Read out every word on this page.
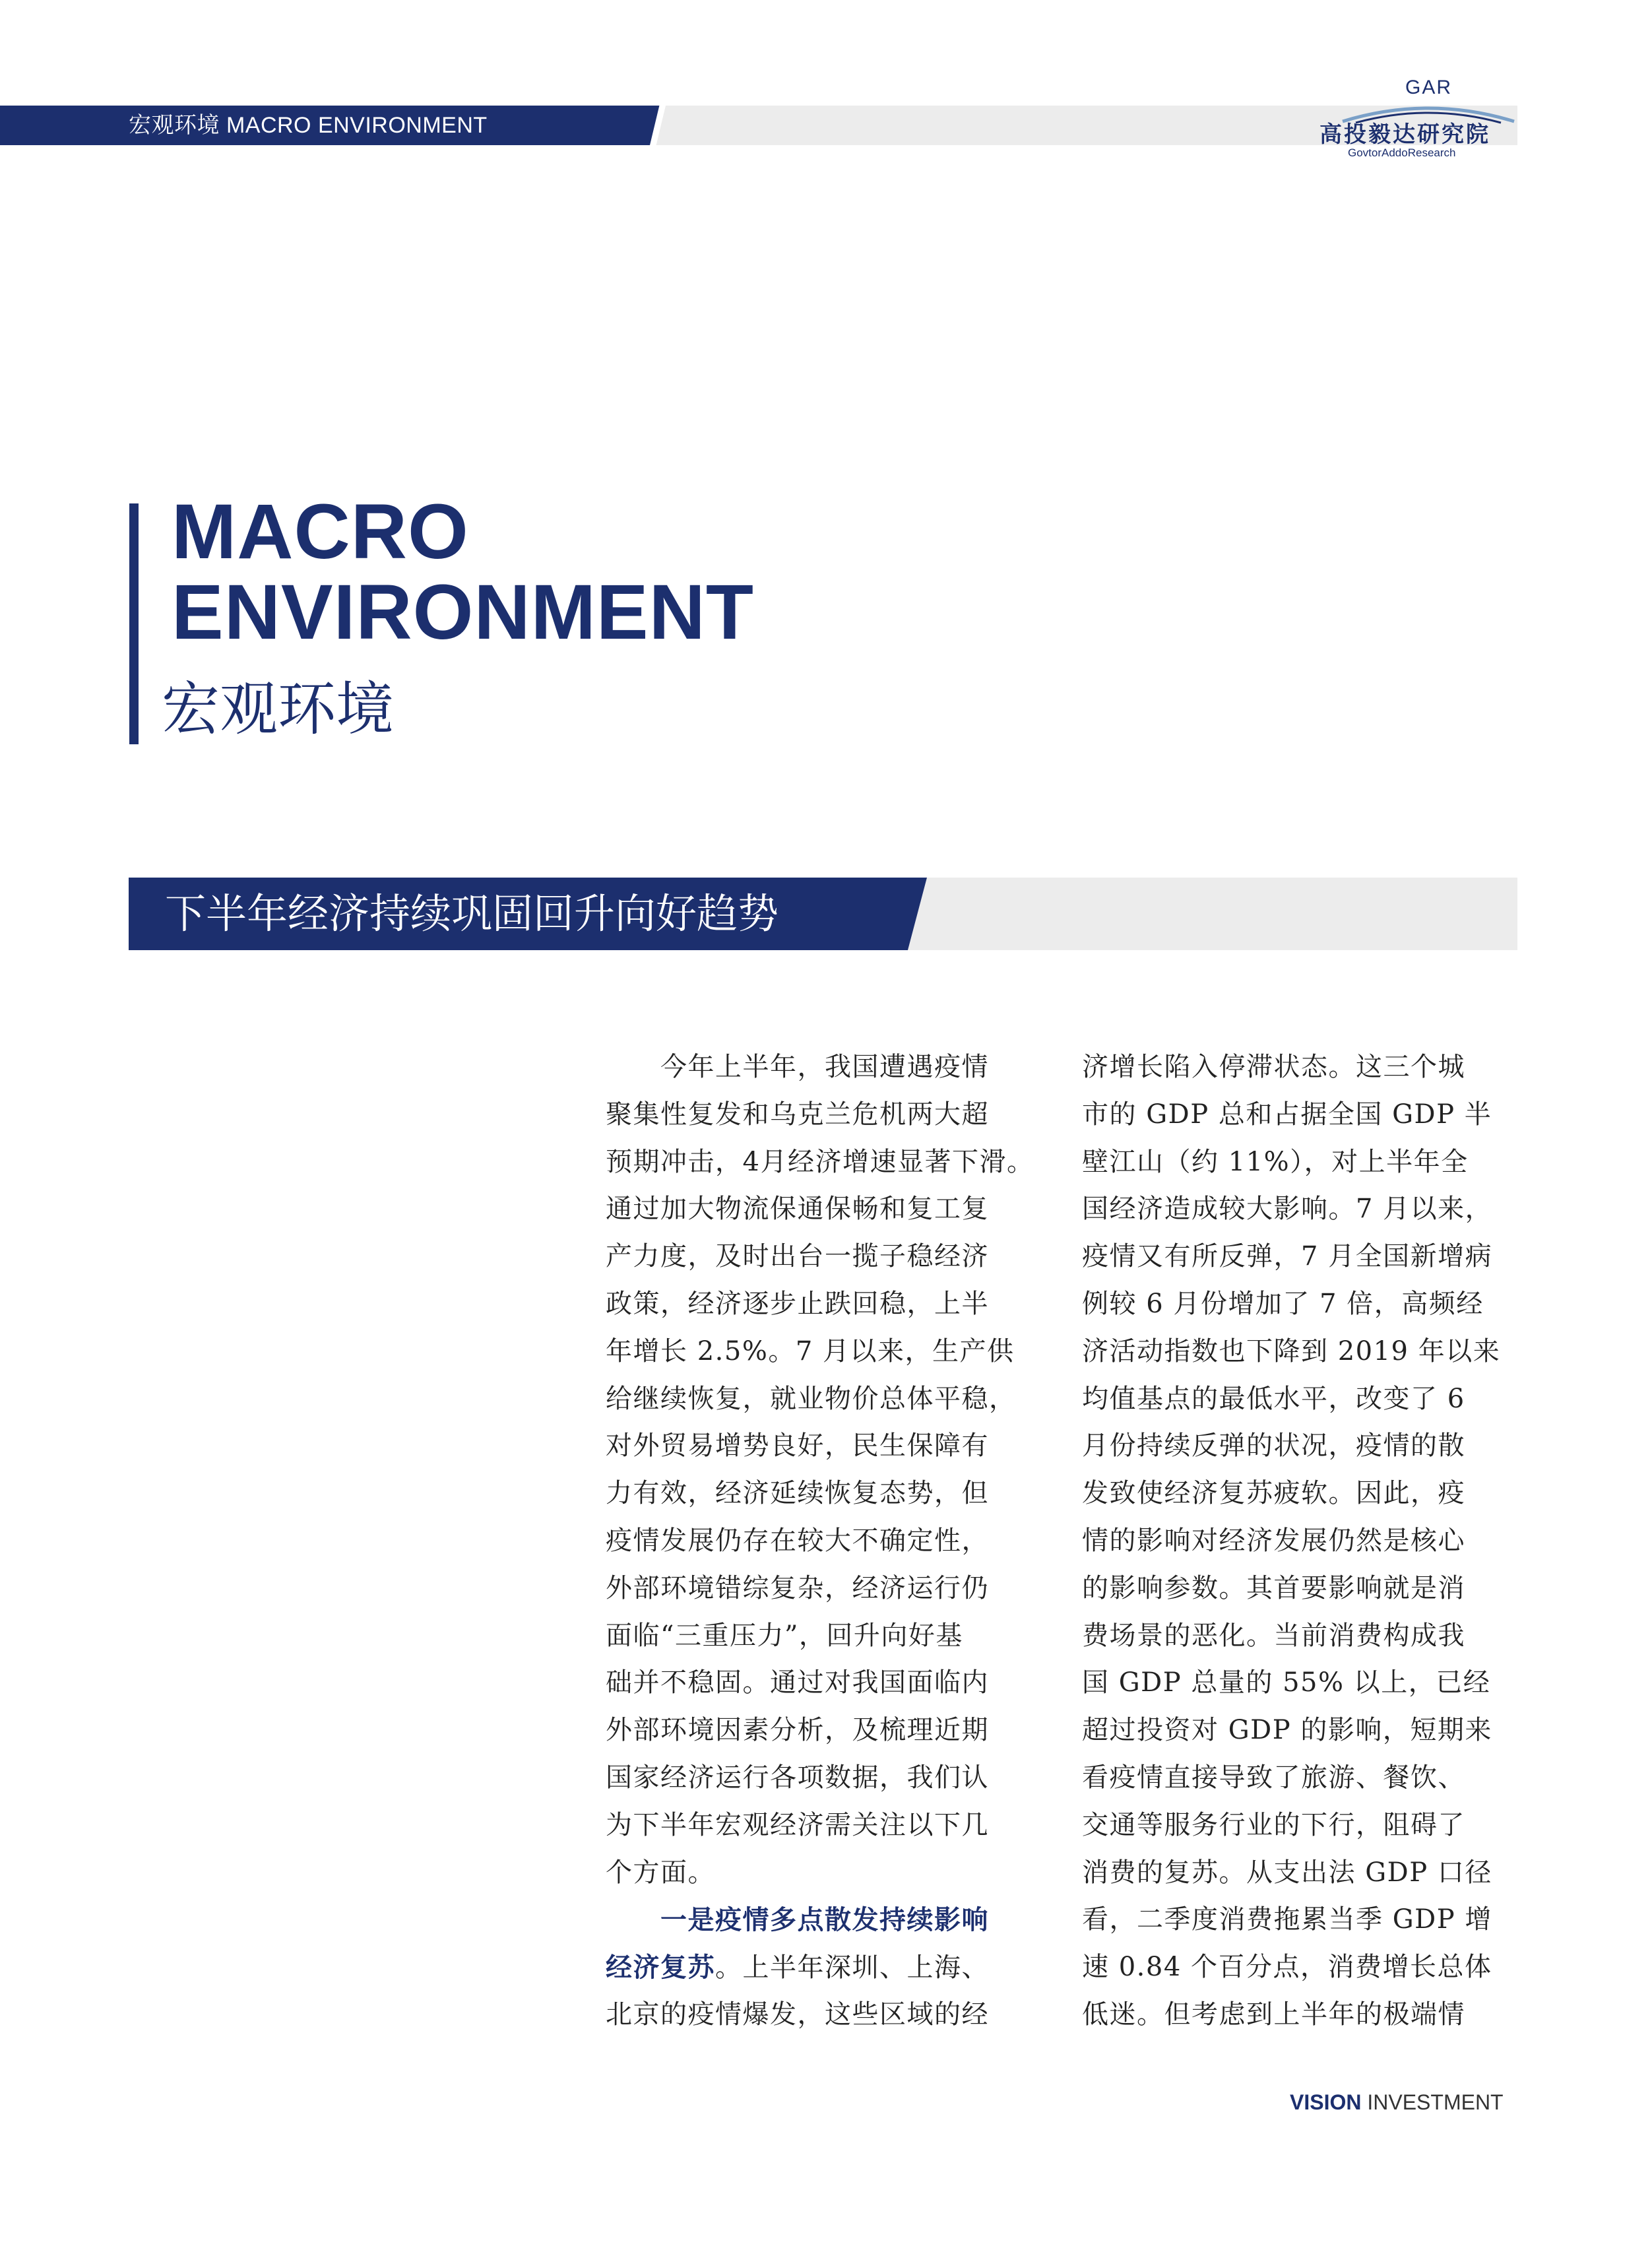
宏观环境 MACRO ENVIRONMENT
GAR
高投毅达研究院
GovtorAddoResearch
MACRO
ENVIRONMENT
宏观环境
下半年经济持续巩固回升向好趋势
　　今年上半年，我国遭遇疫情
聚集性复发和乌克兰危机两大超
预期冲击，4月经济增速显著下滑。
通过加大物流保通保畅和复工复
产力度，及时出台一揽子稳经济
政策，经济逐步止跌回稳，上半
年增长 2.5%。7 月以来，生产供
给继续恢复，就业物价总体平稳，
对外贸易增势良好，民生保障有
力有效，经济延续恢复态势，但
疫情发展仍存在较大不确定性，
外部环境错综复杂，经济运行仍
面临“三重压力”，回升向好基
础并不稳固。通过对我国面临内
外部环境因素分析，及梳理近期
国家经济运行各项数据，我们认
为下半年宏观经济需关注以下几
个方面。
　　一是疫情多点散发持续影响
经济复苏。上半年深圳、上海、
北京的疫情爆发，这些区域的经
济增长陷入停滞状态。这三个城
市的 GDP 总和占据全国 GDP 半
壁江山（约 11%），对上半年全
国经济造成较大影响。7 月以来，
疫情又有所反弹，7 月全国新增病
例较 6 月份增加了 7 倍，高频经
济活动指数也下降到 2019 年以来
均值基点的最低水平，改变了 6
月份持续反弹的状况，疫情的散
发致使经济复苏疲软。因此，疫
情的影响对经济发展仍然是核心
的影响参数。其首要影响就是消
费场景的恶化。当前消费构成我
国 GDP 总量的 55% 以上，已经
超过投资对 GDP 的影响，短期来
看疫情直接导致了旅游、餐饮、
交通等服务行业的下行，阻碍了
消费的复苏。从支出法 GDP 口径
看，二季度消费拖累当季 GDP 增
速 0.84 个百分点，消费增长总体
低迷。但考虑到上半年的极端情
VISION INVESTMENT
